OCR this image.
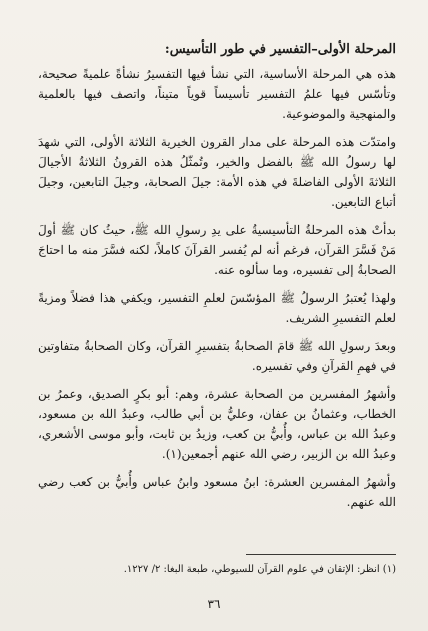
المرحلة الأولى–التفسير في طور التأسيس:

هذه هي المرحلة الأساسية، التي نشأ فيها التفسيرُ نشأةً علميةً صحيحة، وتأسّس فيها علمُ التفسير تأسيساً قوياً متيناً، واتصف فيها بالعلمية والمنهجية والموضوعية.

وامتدّت هذه المرحلة على مدار القرون الخيرية الثلاثة الأولى، التي شهدَ لها رسولُ الله ﷺ بالفضل والخير، وتُمثّلُ هذه القرونُ الثلاثةُ الأجيالَ الثلاثةَ الأولى الفاضلةَ في هذه الأمة: جيلَ الصحابة، وجيلَ التابعين، وجيلَ أتباع التابعين.

بدأتْ هذه المرحلةُ التأسيسيةُ على يدِ رسولِ الله ﷺ، حيثُ كان ﷺ أولَ مَنْ فَسَّرَ القرآن، فرغم أنه لم يُفسر القرآنَ كاملاً، لكنه فسَّرَ منه ما احتاجَ الصحابةُ إلى تفسيره، وما سألوه عنه.

ولهذا يُعتبرُ الرسولُ ﷺ المؤسّسَ لعلمِ التفسير، ويكفي هذا فضلاً ومزيةً لعلم التفسيرِ الشريف.

وبعدَ رسولِ الله ﷺ قامَ الصحابةُ بتفسيرِ القرآن، وكان الصحابةُ متفاوتين في فهمِ القرآنِ وفي تفسيره.

وأشهرُ المفسرين من الصحابة عشرة، وهم: أبو بكرٍ الصديق، وعمرُ بن الخطاب، وعثمانُ بن عفان، وعليُّ بن أبي طالب، وعبدُ الله بن مسعود، وعبدُ الله بن عباس، وأُبيُّ بن كعب، وزيدُ بن ثابت، وأبو موسى الأشعري، وعبدُ الله بن الزبير، رضي الله عنهم أجمعين(١).

وأشهرُ المفسرين العشرة: ابنُ مسعود وابنُ عباس وأُبيُّ بن كعب رضي الله عنهم.

(١) انظر: الإتقان في علوم القرآن للسيوطي، طبعة البغا: ٢/ ١٢٢٧.
٣٦
